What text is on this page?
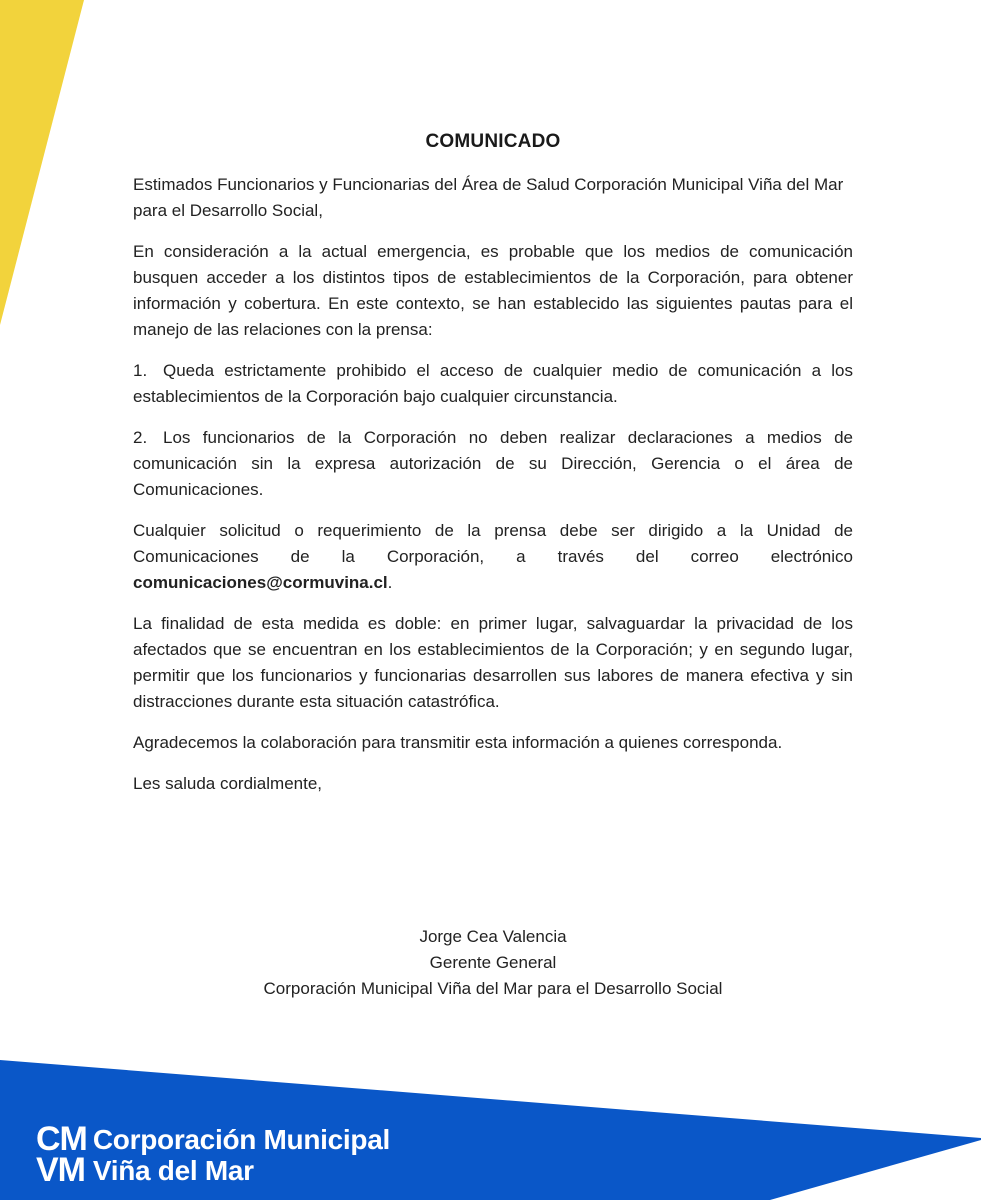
COMUNICADO

Estimados Funcionarios y Funcionarias del Área de Salud Corporación Municipal Viña del Mar para el Desarrollo Social,

En consideración a la actual emergencia, es probable que los medios de comunicación busquen acceder a los distintos tipos de establecimientos de la Corporación, para obtener información y cobertura. En este contexto, se han establecido las siguientes pautas para el manejo de las relaciones con la prensa:

1. Queda estrictamente prohibido el acceso de cualquier medio de comunicación a los establecimientos de la Corporación bajo cualquier circunstancia.

2. Los funcionarios de la Corporación no deben realizar declaraciones a medios de comunicación sin la expresa autorización de su Dirección, Gerencia o el área de Comunicaciones.

Cualquier solicitud o requerimiento de la prensa debe ser dirigido a la Unidad de Comunicaciones de la Corporación, a través del correo electrónico comunicaciones@cormuvina.cl.

La finalidad de esta medida es doble: en primer lugar, salvaguardar la privacidad de los afectados que se encuentran en los establecimientos de la Corporación; y en segundo lugar, permitir que los funcionarios y funcionarias desarrollen sus labores de manera efectiva y sin distracciones durante esta situación catastrófica.

Agradecemos la colaboración para transmitir esta información a quienes corresponda.

Les saluda cordialmente,

Jorge Cea Valencia
Gerente General
Corporación Municipal Viña del Mar para el Desarrollo Social
CM
VM
Corporación Municipal
Viña del Mar
